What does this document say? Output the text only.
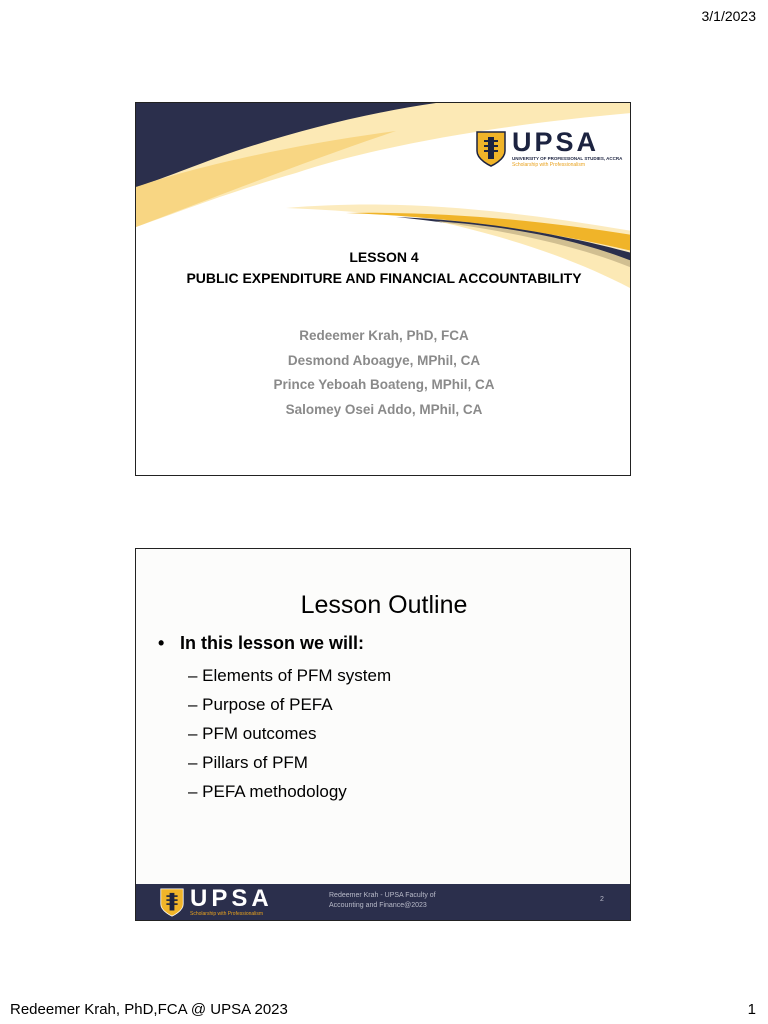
3/1/2023
UPSA
UNIVERSITY OF PROFESSIONAL STUDIES, ACCRA
Scholarship with Professionalism
LESSON 4
PUBLIC EXPENDITURE AND FINANCIAL ACCOUNTABILITY
Redeemer Krah, PhD, FCA
Desmond Aboagye, MPhil, CA
Prince Yeboah Boateng, MPhil, CA
Salomey Osei Addo, MPhil, CA
Lesson Outline
• In this lesson we will:
– Elements of PFM system
– Purpose of PEFA
– PFM outcomes
– Pillars of PFM
– PEFA methodology
UPSA
Scholarship with Professionalism
Redeemer Krah - UPSA Faculty of
Accounting and Finance@2023
2
Redeemer Krah, PhD,FCA @ UPSA 2023	1
